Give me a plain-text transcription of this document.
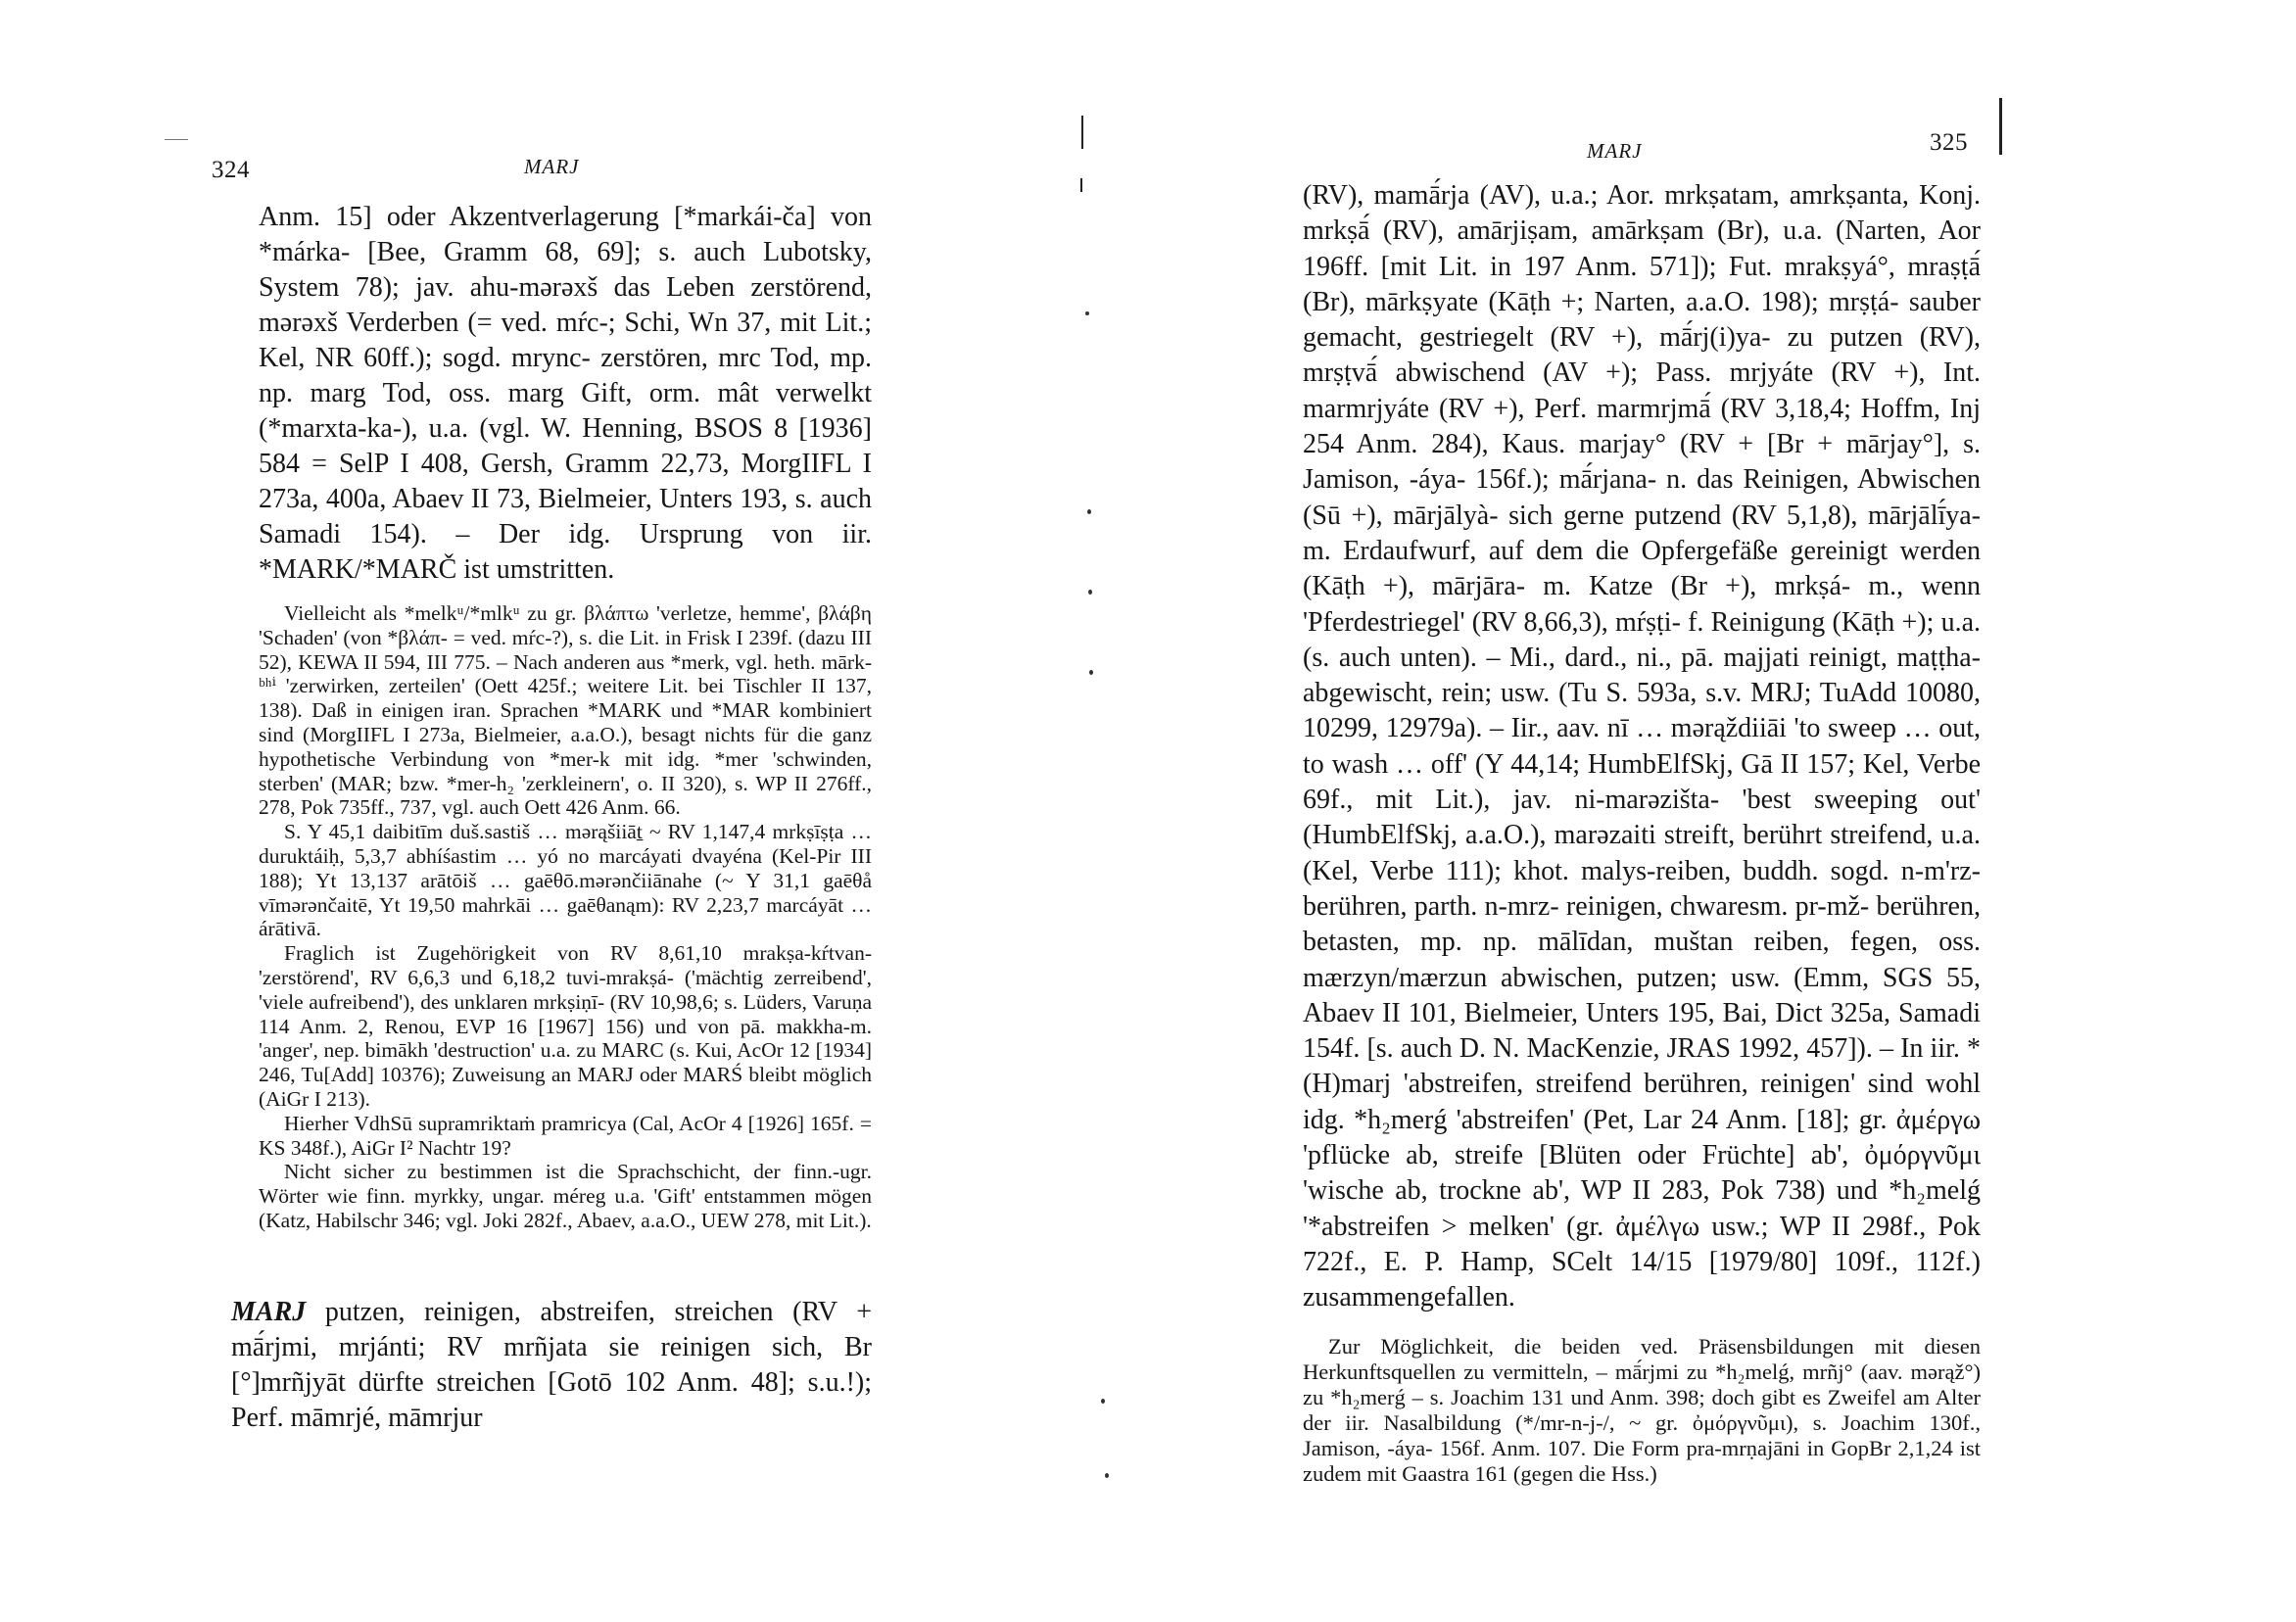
324	MARJ

Anm. 15] oder Akzentverlagerung [*markái-ča] von *márka- [Bee, Gramm 68, 69]; s. auch Lubotsky, System 78); jav. ahu-mәrәxš das Leben zerstörend, mәrәxš Verderben (= ved. mŕc-; Schi, Wn 37, mit Lit.; Kel, NR 60ff.); sogd. mrync- zerstören, mrc Tod, mp. np. marg Tod, oss. marg Gift, orm. mât verwelkt (*marxta-ka-), u.a. (vgl. W. Henning, BSOS 8 [1936] 584 = SelP I 408, Gersh, Gramm 22,73, MorgIIFL I 273a, 400a, Abaev II 73, Bielmeier, Unters 193, s. auch Samadi 154). – Der idg. Ursprung von iir. *MARK/*MARČ ist umstritten.

Vielleicht als *melkᵘ/*mlkᵘ zu gr. βλάπτω 'verletze, hemme', βλάβη 'Schaden' (von *βλάπ- = ved. mŕc-?), s. die Lit. in Frisk I 239f. (dazu III 52), KEWA II 594, III 775. – Nach anderen aus *merk, vgl. heth. mārk-ᵇʰⁱ 'zerwirken, zerteilen' (Oett 425f.; weitere Lit. bei Tischler II 137, 138). Daß in einigen iran. Sprachen *MARK und *MAR kombiniert sind (MorgIIFL I 273a, Bielmeier, a.a.O.), besagt nichts für die ganz hypothetische Verbindung von *mer-k mit idg. *mer 'schwinden, sterben' (MAR; bzw. *mer-h₂ 'zerkleinern', o. II 320), s. WP II 276ff., 278, Pok 735ff., 737, vgl. auch Oett 426 Anm. 66.

S. Y 45,1 daibitīm duš.sastiš … mәrąšiiāṯ ~ RV 1,147,4 mrkṣīṣṭa … duruktáiḥ, 5,3,7 abhíśastim … yó no marcáyati dvayéna (Kel-Pir III 188); Yt 13,137 arātōiš … gaēθō.mәrәnčiiānahe (~ Y 31,1 gaēθå vīmәrәnčaitē, Yt 19,50 mahrkāi … gaēθanąm): RV 2,23,7 marcáyāt … árātivā.

Fraglich ist Zugehörigkeit von RV 8,61,10 mrakṣa-kŕtvan- 'zerstörend', RV 6,6,3 und 6,18,2 tuvi-mrakṣá- ('mächtig zerreibend', 'viele aufreibend'), des unklaren mrkṣiṇī- (RV 10,98,6; s. Lüders, Varuṇa 114 Anm. 2, Renou, EVP 16 [1967] 156) und von pā. makkha-m. 'anger', nep. bimākh 'destruction' u.a. zu MARC (s. Kui, AcOr 12 [1934] 246, Tu[Add] 10376); Zuweisung an MARJ oder MARŚ bleibt möglich (AiGr I 213).

Hierher VdhSū supramriktaṁ pramricya (Cal, AcOr 4 [1926] 165f. = KS 348f.), AiGr I² Nachtr 19?

Nicht sicher zu bestimmen ist die Sprachschicht, der finn.-ugr. Wörter wie finn. myrkky, ungar. méreg u.a. 'Gift' entstammen mögen (Katz, Habilschr 346; vgl. Joki 282f., Abaev, a.a.O., UEW 278, mit Lit.).

MARJ putzen, reinigen, abstreifen, streichen (RV + mā́rjmi, mrjánti; RV mrñjata sie reinigen sich, Br [°]mrñjyāt dürfte streichen [Gotō 102 Anm. 48]; s.u.!); Perf. māmrjé, māmrjur

MARJ	325

(RV), mamā́rja (AV), u.a.; Aor. mrkṣatam, amrkṣanta, Konj. mrkṣā́ (RV), amārjiṣam, amārkṣam (Br), u.a. (Narten, Aor 196ff. [mit Lit. in 197 Anm. 571]); Fut. mrakṣyá°, mraṣṭā́ (Br), mārkṣyate (Kāṭh +; Narten, a.a.O. 198); mrṣṭá- sauber gemacht, gestriegelt (RV +), mā́rj(i)ya- zu putzen (RV), mrṣṭvā́ abwischend (AV +); Pass. mrjyáte (RV +), Int. marmrjyáte (RV +), Perf. marmrjmā́ (RV 3,18,4; Hoffm, Inj 254 Anm. 284), Kaus. marjay° (RV + [Br + mārjay°], s. Jamison, -áya- 156f.); mā́rjana- n. das Reinigen, Abwischen (Sū +), mārjālyà- sich gerne putzend (RV 5,1,8), mārjālī́ya- m. Erdaufwurf, auf dem die Opfergefäße gereinigt werden (Kāṭh +), mārjāra- m. Katze (Br +), mrkṣá- m., wenn 'Pferdestriegel' (RV 8,66,3), mŕṣṭi- f. Reinigung (Kāṭh +); u.a. (s. auch unten). – Mi., dard., ni., pā. majjati reinigt, maṭṭha- abgewischt, rein; usw. (Tu S. 593a, s.v. MRJ; TuAdd 10080, 10299, 12979a). – Iir., aav. nī … mәrąždiiāi 'to sweep … out, to wash … off' (Y 44,14; HumbElfSkj, Gā II 157; Kel, Verbe 69f., mit Lit.), jav. ni-marәzišta- 'best sweeping out' (HumbElfSkj, a.a.O.), marәzaiti streift, berührt streifend, u.a. (Kel, Verbe 111); khot. malys-reiben, buddh. sogd. n-m'rz- berühren, parth. n-mrz- reinigen, chwaresm. pr-mž- berühren, betasten, mp. np. mālīdan, muštan reiben, fegen, oss. mærzyn/mærzun abwischen, putzen; usw. (Emm, SGS 55, Abaev II 101, Bielmeier, Unters 195, Bai, Dict 325a, Samadi 154f. [s. auch D. N. MacKenzie, JRAS 1992, 457]). – In iir. *(H)marj 'abstreifen, streifend berühren, reinigen' sind wohl idg. *h₂merǵ 'abstreifen' (Pet, Lar 24 Anm. [18]; gr. ἀμέργω 'pflücke ab, streife [Blüten oder Früchte] ab', ὀμόργνῦμι 'wische ab, trockne ab', WP II 283, Pok 738) und *h₂melǵ '*abstreifen > melken' (gr. ἀμέλγω usw.; WP II 298f., Pok 722f., E. P. Hamp, SCelt 14/15 [1979/80] 109f., 112f.) zusammengefallen.

Zur Möglichkeit, die beiden ved. Präsensbildungen mit diesen Herkunftsquellen zu vermitteln, – mā́rjmi zu *h₂melǵ, mrñj° (aav. mәrąž°) zu *h₂merǵ – s. Joachim 131 und Anm. 398; doch gibt es Zweifel am Alter der iir. Nasalbildung (*/mr-n-j-/, ~ gr. ὀμόργνῦμι), s. Joachim 130f., Jamison, -áya- 156f. Anm. 107. Die Form pra-mrṇajāni in GopBr 2,1,24 ist zudem mit Gaastra 161 (gegen die Hss.)
